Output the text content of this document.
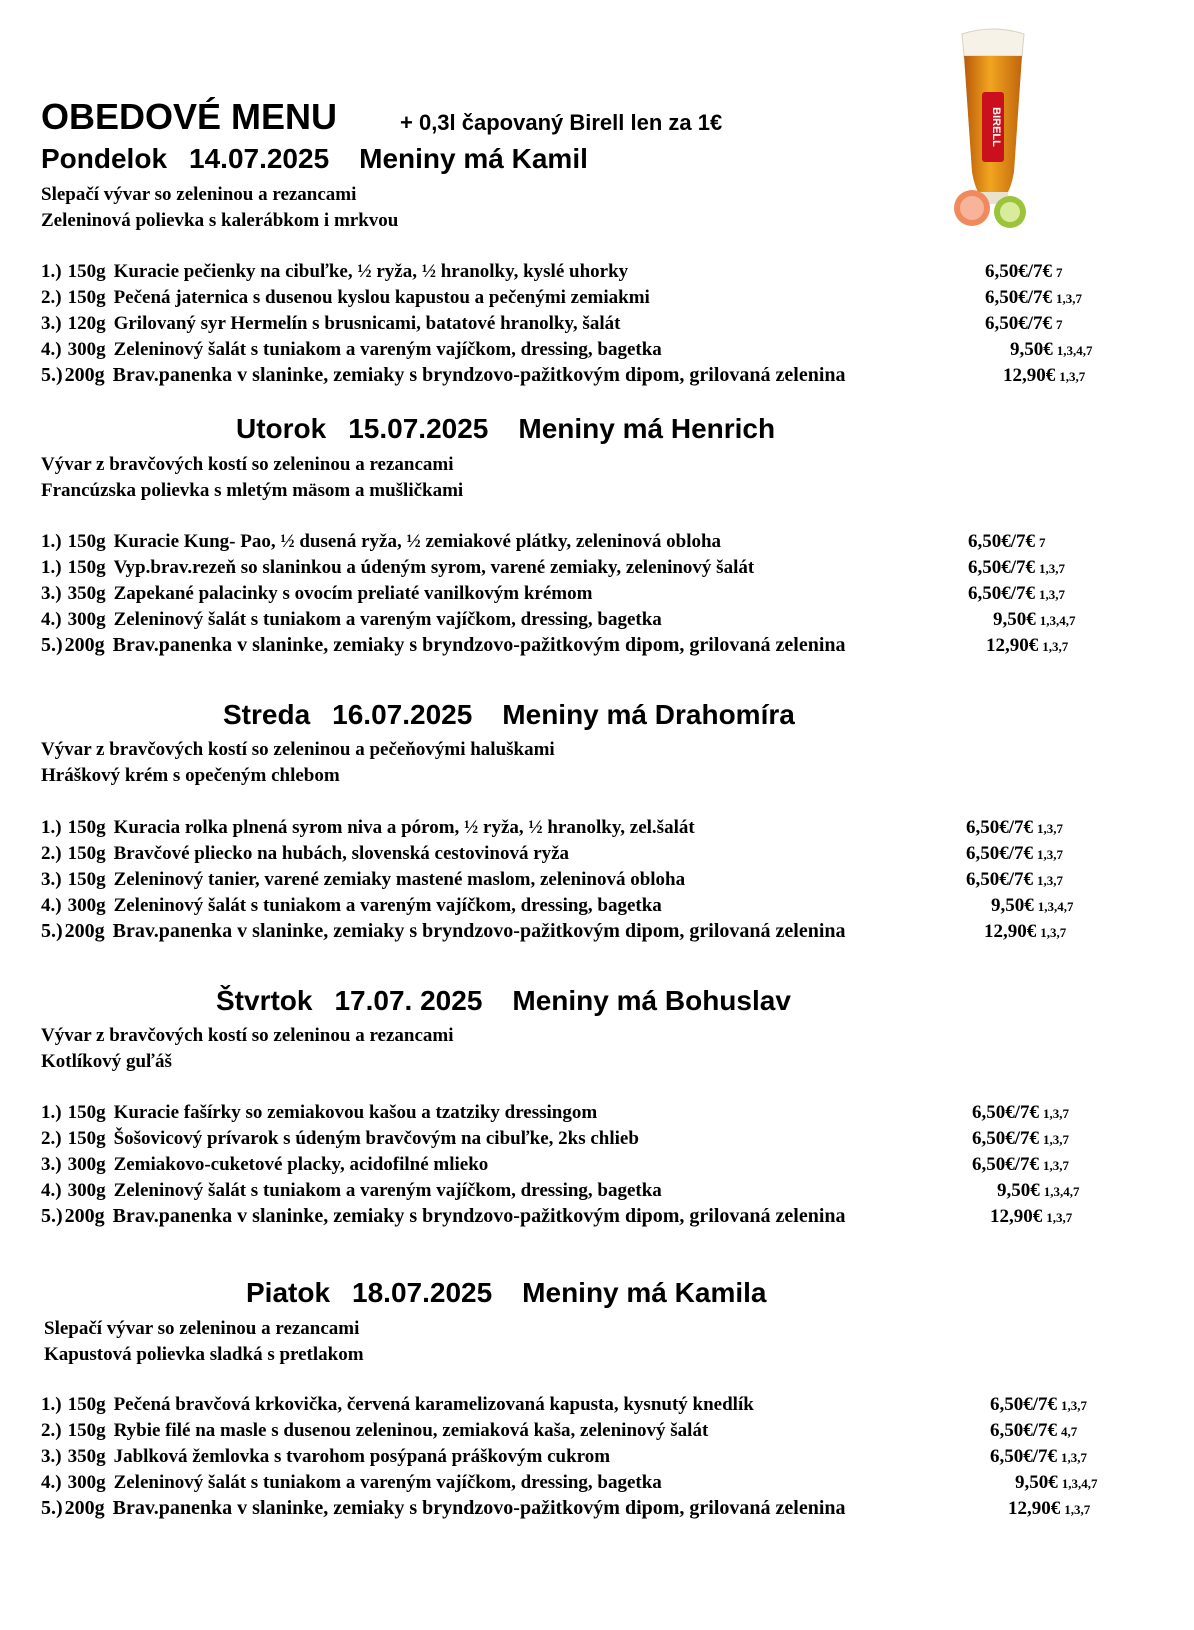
OBEDOVÉ MENU	+ 0,3l čapovaný Birell len za 1€	BIRELL
Pondelok 14.07.2025 Meniny má Kamil
Slepačí vývar so zeleninou a rezancami
Zeleninová polievka s kalerábkom i mrkvou
1.) 150g Kuracie pečienky na cibuľke, ½ ryža, ½ hranolky, kyslé uhorky	6,50€/7€ 7
2.) 150g Pečená jaternica s dusenou kyslou kapustou a pečenými zemiakmi	6,50€/7€ 1,3,7
3.) 120g Grilovaný syr Hermelín s brusnicami, batatové hranolky, šalát	6,50€/7€ 7
4.) 300g Zeleninový šalát s tuniakom a vareným vajíčkom, dressing, bagetka	9,50€ 1,3,4,7
5.) 200g Brav.panenka v slaninke, zemiaky s bryndzovo-pažitkovým dipom, grilovaná zelenina	12,90€ 1,3,7
Utorok 15.07.2025 Meniny má Henrich
Vývar z bravčových kostí so zeleninou a rezancami
Francúzska polievka s mletým mäsom a mušličkami
1.) 150g Kuracie Kung- Pao, ½ dusená ryža, ½ zemiakové plátky, zeleninová obloha	6,50€/7€ 7
1.) 150g Vyp.brav.rezeň so slaninkou a údeným syrom, varené zemiaky, zeleninový šalát	6,50€/7€ 1,3,7
3.) 350g Zapekané palacinky s ovocím preliaté vanilkovým krémom	6,50€/7€ 1,3,7
4.) 300g Zeleninový šalát s tuniakom a vareným vajíčkom, dressing, bagetka	9,50€ 1,3,4,7
5.) 200g Brav.panenka v slaninke, zemiaky s bryndzovo-pažitkovým dipom, grilovaná zelenina	12,90€ 1,3,7
Streda 16.07.2025 Meniny má Drahomíra
Vývar z bravčových kostí so zeleninou a pečeňovými haluškami
Hráškový krém s opečeným chlebom
1.) 150g Kuracia rolka plnená syrom niva a pórom, ½ ryža, ½ hranolky, zel.šalát	6,50€/7€ 1,3,7
2.) 150g Bravčové pliecko na hubách, slovenská cestovinová ryža	6,50€/7€ 1,3,7
3.) 150g Zeleninový tanier, varené zemiaky mastené maslom, zeleninová obloha	6,50€/7€ 1,3,7
4.) 300g Zeleninový šalát s tuniakom a vareným vajíčkom, dressing, bagetka	9,50€ 1,3,4,7
5.) 200g Brav.panenka v slaninke, zemiaky s bryndzovo-pažitkovým dipom, grilovaná zelenina	12,90€ 1,3,7
Štvrtok 17.07. 2025 Meniny má Bohuslav
Vývar z bravčových kostí so zeleninou a rezancami
Kotlíkový guľáš
1.) 150g Kuracie fašírky so zemiakovou kašou a tzatziky dressingom	6,50€/7€ 1,3,7
2.) 150g Šošovicový prívarok s údeným bravčovým na cibuľke, 2ks chlieb	6,50€/7€ 1,3,7
3.) 300g Zemiakovo-cuketové placky, acidofilné mlieko	6,50€/7€ 1,3,7
4.) 300g Zeleninový šalát s tuniakom a vareným vajíčkom, dressing, bagetka	9,50€ 1,3,4,7
5.) 200g Brav.panenka v slaninke, zemiaky s bryndzovo-pažitkovým dipom, grilovaná zelenina	12,90€ 1,3,7
Piatok 18.07.2025 Meniny má Kamila
Slepačí vývar so zeleninou a rezancami
Kapustová polievka sladká s pretlakom
1.) 150g Pečená bravčová krkovička, červená karamelizovaná kapusta, kysnutý knedlík	6,50€/7€ 1,3,7
2.) 150g Rybie filé na masle s dusenou zeleninou, zemiaková kaša, zeleninový šalát	6,50€/7€ 4,7
3.) 350g Jablková žemlovka s tvarohom posýpaná práškovým cukrom	6,50€/7€ 1,3,7
4.) 300g Zeleninový šalát s tuniakom a vareným vajíčkom, dressing, bagetka	9,50€ 1,3,4,7
5.) 200g Brav.panenka v slaninke, zemiaky s bryndzovo-pažitkovým dipom, grilovaná zelenina	12,90€ 1,3,7
